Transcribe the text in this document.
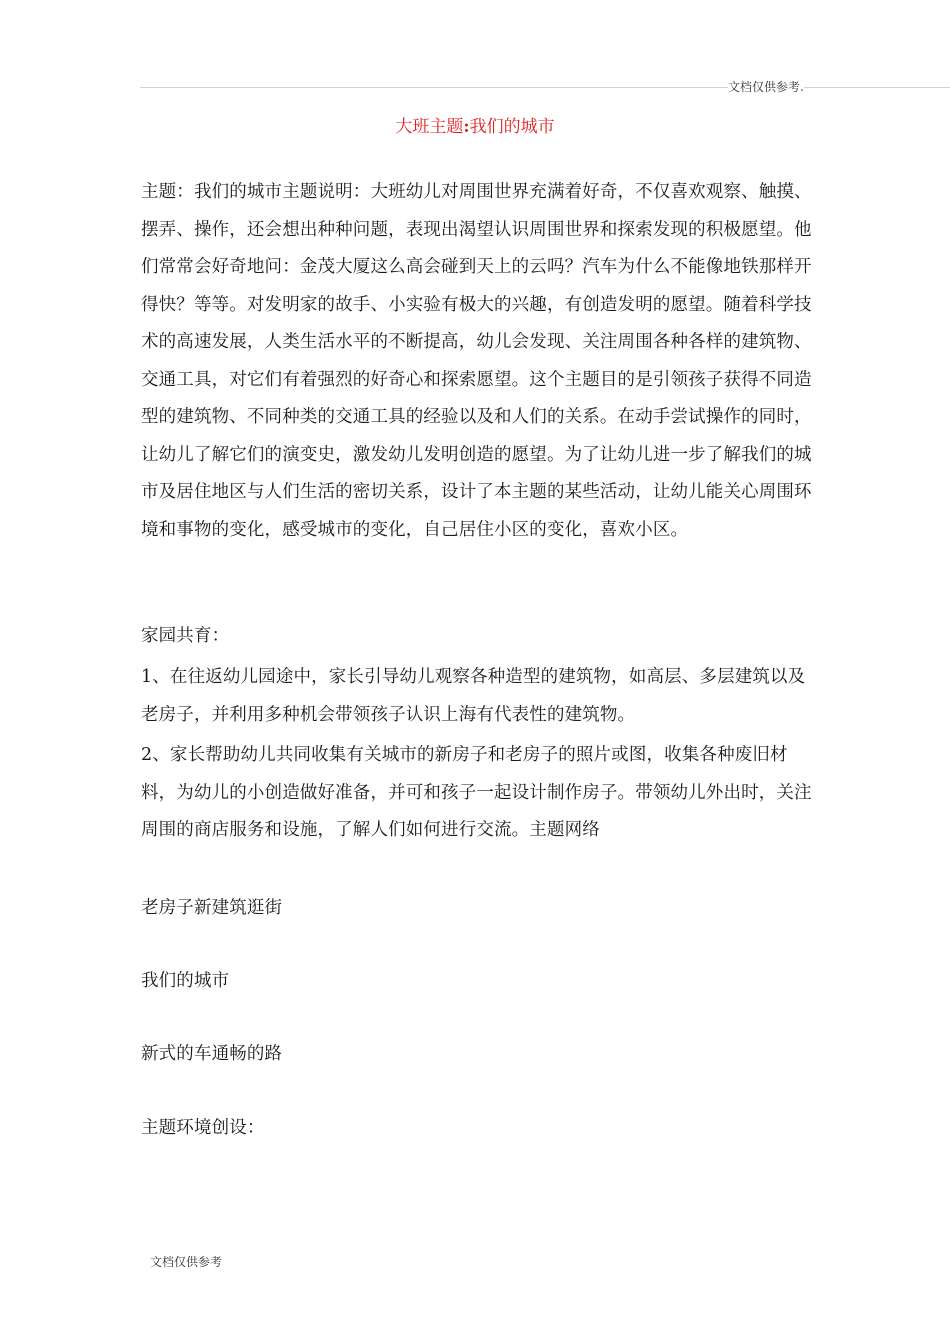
文档仅供参考.
大班主题:我们的城市

主题：我们的城市主题说明：大班幼儿对周围世界充满着好奇，不仅喜欢观察、触摸、摆弄、操作，还会想出种种问题，表现出渴望认识周围世界和探索发现的积极愿望。他们常常会好奇地问：金茂大厦这么高会碰到天上的云吗？汽车为什么不能像地铁那样开得快？等等。对发明家的故手、小实验有极大的兴趣，有创造发明的愿望。随着科学技术的高速发展，人类生活水平的不断提高，幼儿会发现、关注周围各种各样的建筑物、交通工具，对它们有着强烈的好奇心和探索愿望。这个主题目的是引领孩子获得不同造型的建筑物、不同种类的交通工具的经验以及和人们的关系。在动手尝试操作的同时，让幼儿了解它们的演变史，激发幼儿发明创造的愿望。为了让幼儿进一步了解我们的城市及居住地区与人们生活的密切关系，设计了本主题的某些活动，让幼儿能关心周围环境和事物的变化，感受城市的变化，自己居住小区的变化，喜欢小区。

家园共育：

1、在往返幼儿园途中，家长引导幼儿观察各种造型的建筑物，如高层、多层建筑以及老房子，并利用多种机会带领孩子认识上海有代表性的建筑物。

2、家长帮助幼儿共同收集有关城市的新房子和老房子的照片或图，收集各种废旧材料，为幼儿的小创造做好准备，并可和孩子一起设计制作房子。带领幼儿外出时，关注周围的商店服务和设施，了解人们如何进行交流。主题网络

老房子新建筑逛街

我们的城市

新式的车通畅的路

主题环境创设：

文档仅供参考
